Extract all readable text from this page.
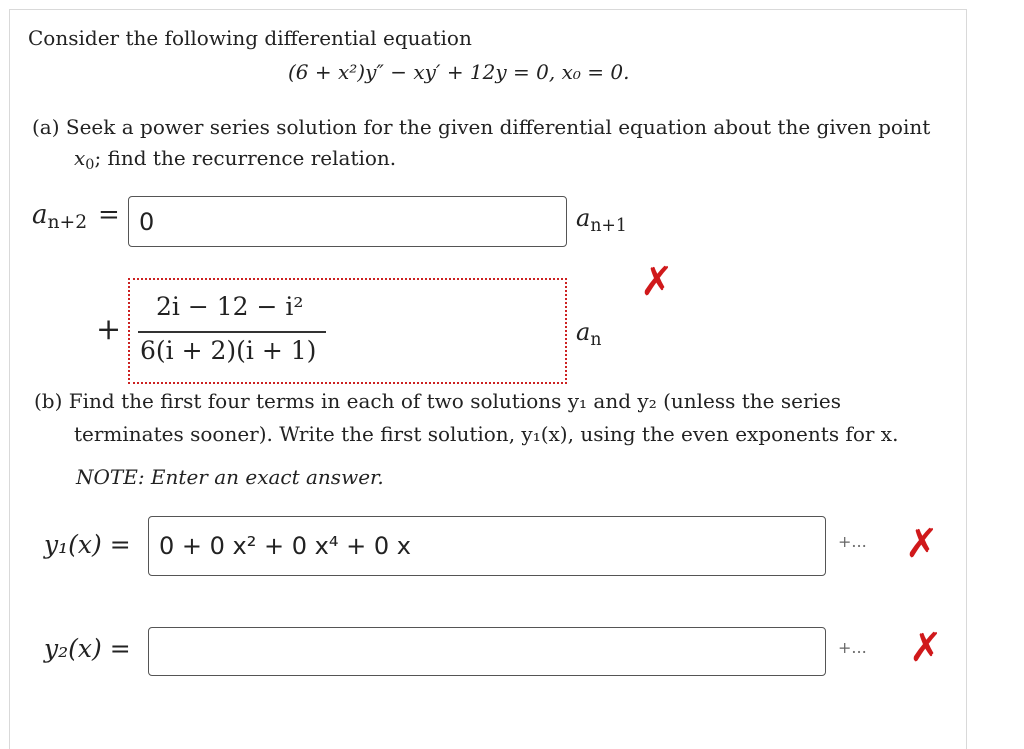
Consider the following differential equation
(6 + x²)y″ − xy′ + 12y = 0, x₀ = 0.
(a) Seek a power series solution for the given differential equation about the given point
$x_0$; find the recurrence relation.
$a_{n+2} = 0$	$a_{n+1}$
✗
+
2i − 12 − i²
6(i + 2)(i + 1)
$a_n$
(b) Find the first four terms in each of two solutions y₁ and y₂ (unless the series
terminates sooner). Write the first solution, y₁(x), using the even exponents for x.
NOTE: Enter an exact answer.
y₁(x) = 0 + 0 x² + 0 x⁴ + 0 x	+... ✗
y₂(x) =	+... ✗
